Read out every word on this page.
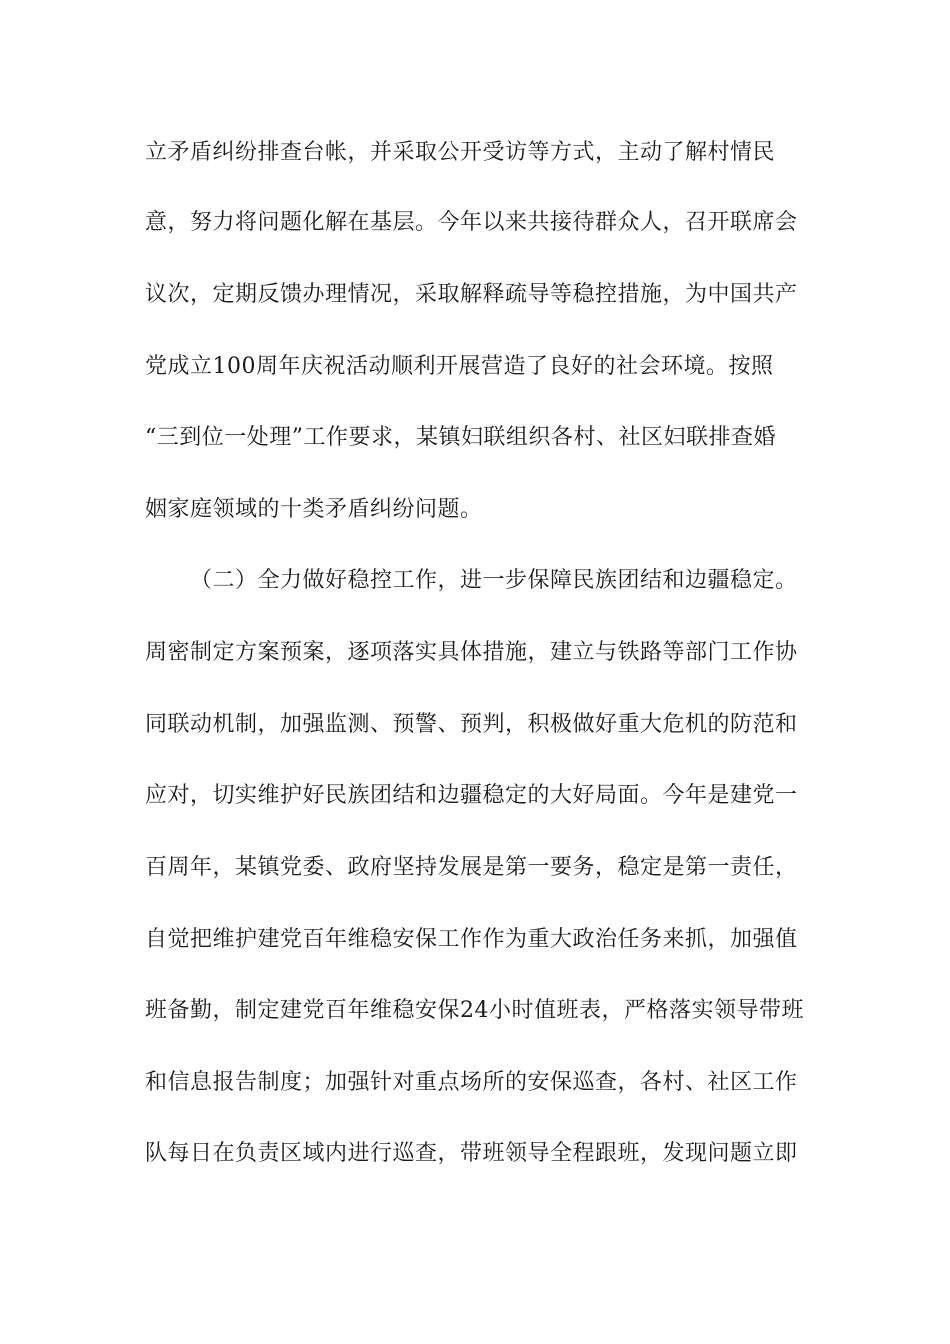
立矛盾纠纷排查台帐，并采取公开受访等方式，主动了解村情民
意，努力将问题化解在基层。今年以来共接待群众人，召开联席会
议次，定期反馈办理情况，采取解释疏导等稳控措施，为中国共产
党成立100周年庆祝活动顺利开展营造了良好的社会环境。按照
“三到位一处理”工作要求，某镇妇联组织各村、社区妇联排查婚
姻家庭领域的十类矛盾纠纷问题。
（二）全力做好稳控工作，进一步保障民族团结和边疆稳定。
周密制定方案预案，逐项落实具体措施，建立与铁路等部门工作协
同联动机制，加强监测、预警、预判，积极做好重大危机的防范和
应对，切实维护好民族团结和边疆稳定的大好局面。今年是建党一
百周年，某镇党委、政府坚持发展是第一要务，稳定是第一责任，
自觉把维护建党百年维稳安保工作作为重大政治任务来抓，加强值
班备勤，制定建党百年维稳安保24小时值班表，严格落实领导带班
和信息报告制度；加强针对重点场所的安保巡查，各村、社区工作
队每日在负责区域内进行巡查，带班领导全程跟班，发现问题立即
